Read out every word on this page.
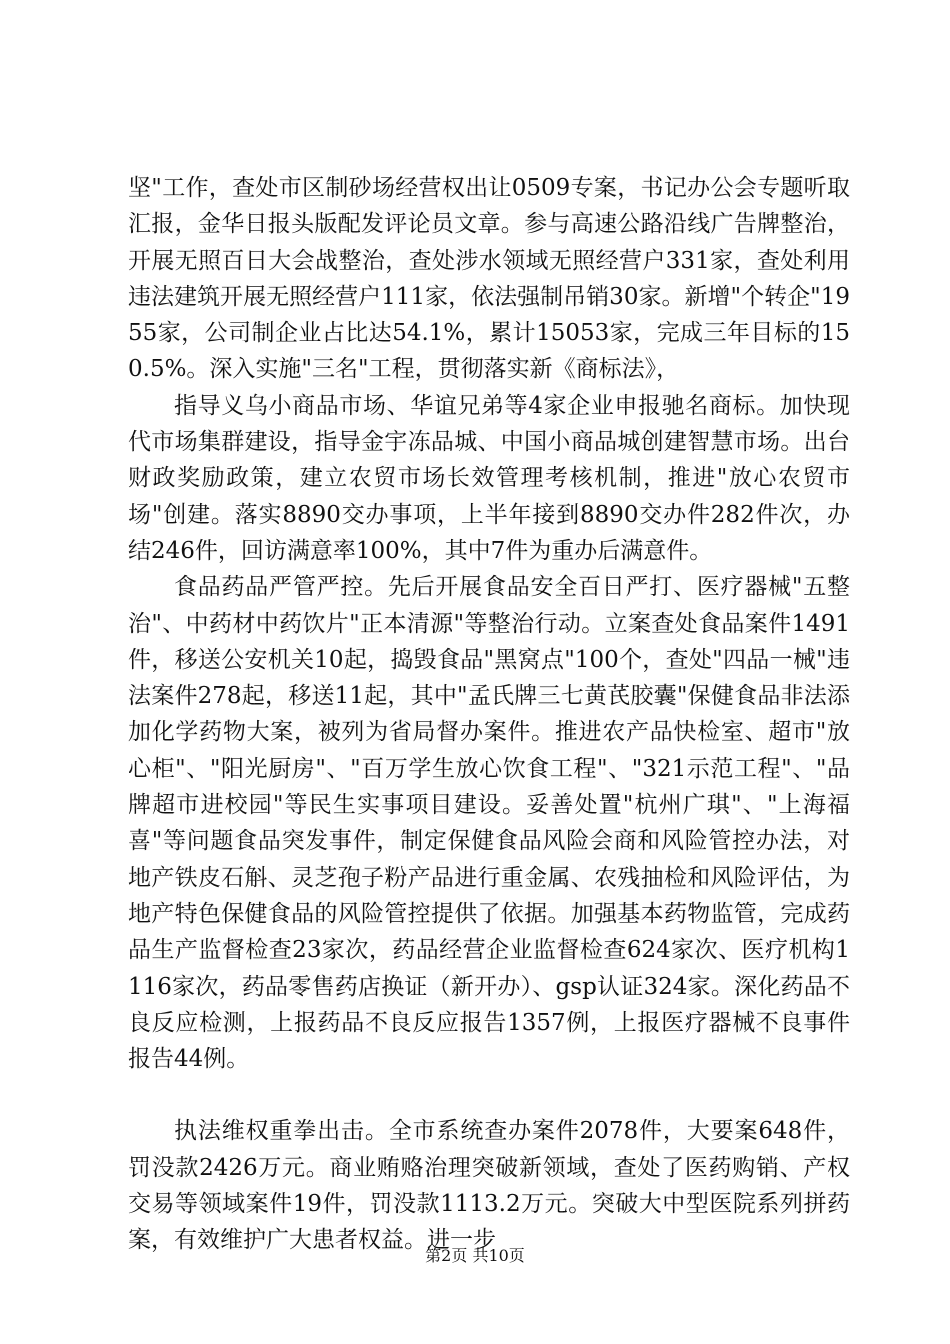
坚"工作，查处市区制砂场经营权出让0509专案，书记办公会专题听取汇报，金华日报头版配发评论员文章。参与高速公路沿线广告牌整治，开展无照百日大会战整治，查处涉水领域无照经营户331家，查处利用违法建筑开展无照经营户111家，依法强制吊销30家。新增"个转企"1955家，公司制企业占比达54.1%，累计15053家，完成三年目标的150.5%。深入实施"三名"工程，贯彻落实新《商标法》，

指导义乌小商品市场、华谊兄弟等4家企业申报驰名商标。加快现代市场集群建设，指导金宇冻品城、中国小商品城创建智慧市场。出台财政奖励政策，建立农贸市场长效管理考核机制，推进"放心农贸市场"创建。落实8890交办事项，上半年接到8890交办件282件次，办结246件，回访满意率100%，其中7件为重办后满意件。

食品药品严管严控。先后开展食品安全百日严打、医疗器械"五整治"、中药材中药饮片"正本清源"等整治行动。立案查处食品案件1491件，移送公安机关10起，捣毁食品"黑窝点"100个，查处"四品一械"违法案件278起，移送11起，其中"孟氏牌三七黄芪胶囊"保健食品非法添加化学药物大案，被列为省局督办案件。推进农产品快检室、超市"放心柜"、"阳光厨房"、"百万学生放心饮食工程"、"321示范工程"、"品牌超市进校园"等民生实事项目建设。妥善处置"杭州广琪"、"上海福喜"等问题食品突发事件，制定保健食品风险会商和风险管控办法，对地产铁皮石斛、灵芝孢子粉产品进行重金属、农残抽检和风险评估，为地产特色保健食品的风险管控提供了依据。加强基本药物监管，完成药品生产监督检查23家次，药品经营企业监督检查624家次、医疗机构1116家次，药品零售药店换证（新开办）、gsp认证324家。深化药品不良反应检测，上报药品不良反应报告1357例，上报医疗器械不良事件报告44例。

执法维权重拳出击。全市系统查办案件2078件，大要案648件，罚没款2426万元。商业贿赂治理突破新领域，查处了医药购销、产权交易等领域案件19件，罚没款1113.2万元。突破大中型医院系列拼药案，有效维护广大患者权益。进一步

第2页 共10页
